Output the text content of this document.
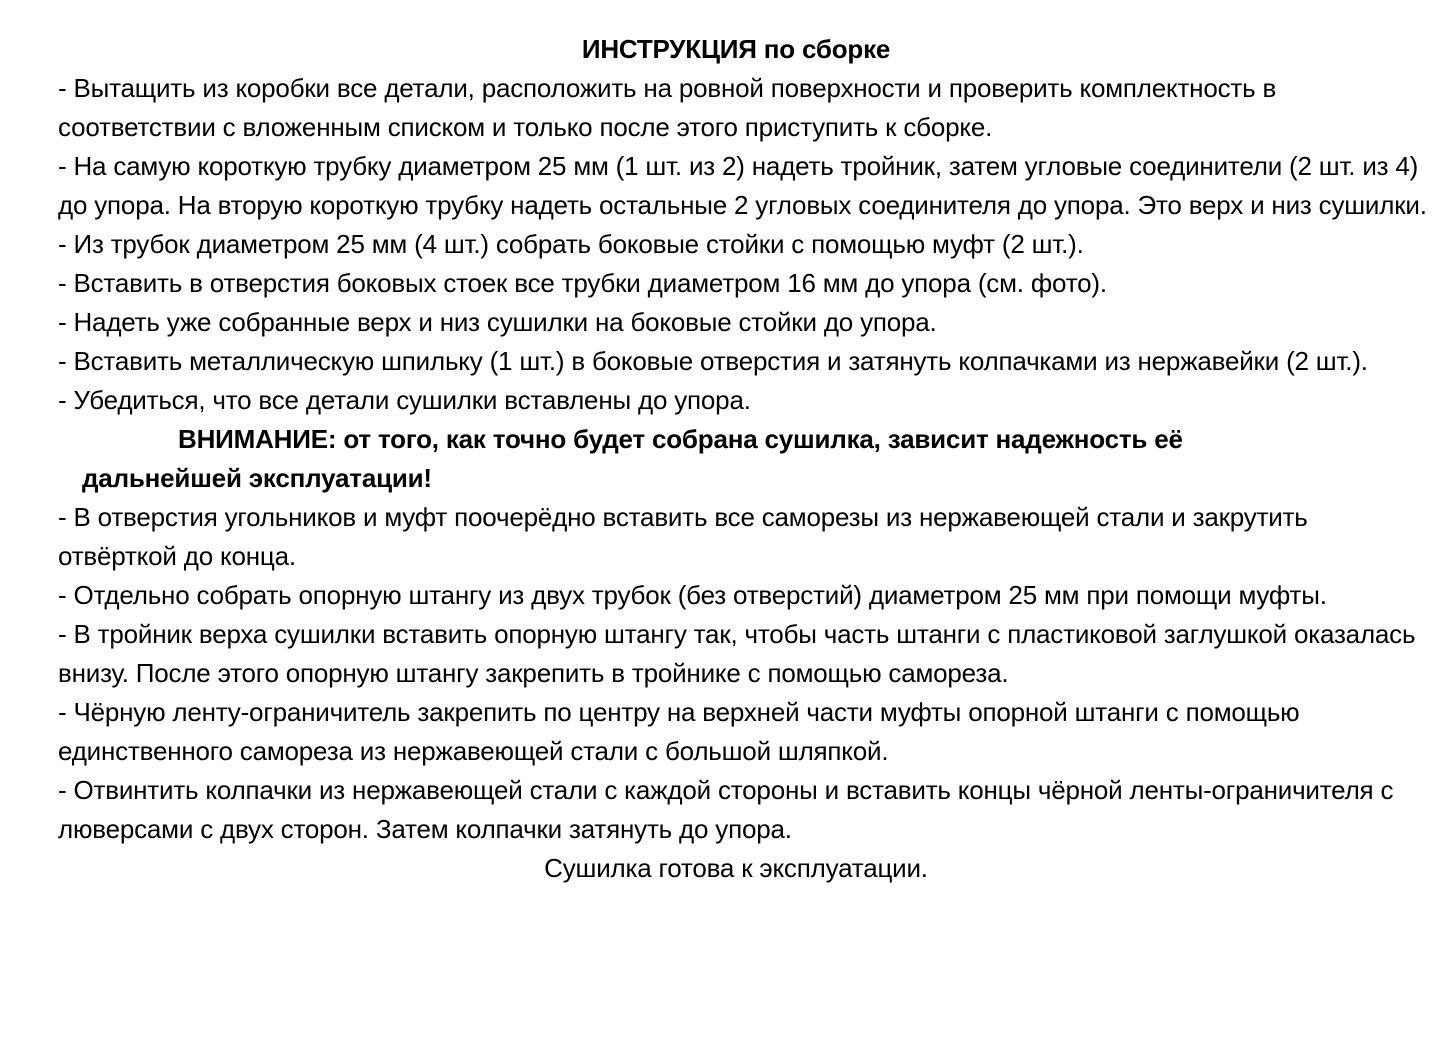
ИНСТРУКЦИЯ по сборке

- Вытащить из коробки все детали, расположить на ровной поверхности и проверить комплектность в соответствии с вложенным списком и только после этого приступить к сборке.

- На самую короткую трубку диаметром 25 мм (1 шт. из 2) надеть тройник, затем угловые соединители (2 шт. из 4) до упора. На вторую короткую трубку надеть остальные 2 угловых соединителя до упора. Это верх и низ сушилки.

- Из трубок диаметром 25 мм (4 шт.) собрать боковые стойки с помощью муфт (2 шт.).

- Вставить в отверстия боковых стоек все трубки диаметром 16 мм до упора (см. фото).

- Надеть уже собранные верх и низ сушилки на боковые стойки до упора.

- Вставить металлическую шпильку (1 шт.) в боковые отверстия и затянуть колпачками из нержавейки (2 шт.).

- Убедиться, что все детали сушилки вставлены до упора.

ВНИМАНИЕ: от того, как точно будет собрана сушилка, зависит надежность её
дальнейшей эксплуатации!

- В отверстия угольников и муфт поочерёдно вставить все саморезы из нержавеющей стали и закрутить отвёрткой до конца.

- Отдельно собрать опорную штангу из двух трубок (без отверстий) диаметром 25 мм при помощи муфты.

- В тройник верха сушилки вставить опорную штангу так, чтобы часть штанги с пластиковой заглушкой оказалась внизу. После этого опорную штангу закрепить в тройнике с помощью самореза.

- Чёрную ленту-ограничитель закрепить по центру на верхней части муфты опорной штанги с помощью единственного самореза из нержавеющей стали с большой шляпкой.

- Отвинтить колпачки из нержавеющей стали с каждой стороны и вставить концы чёрной ленты-ограничителя с люверсами с двух сторон. Затем колпачки затянуть до упора.

Сушилка готова к эксплуатации.
